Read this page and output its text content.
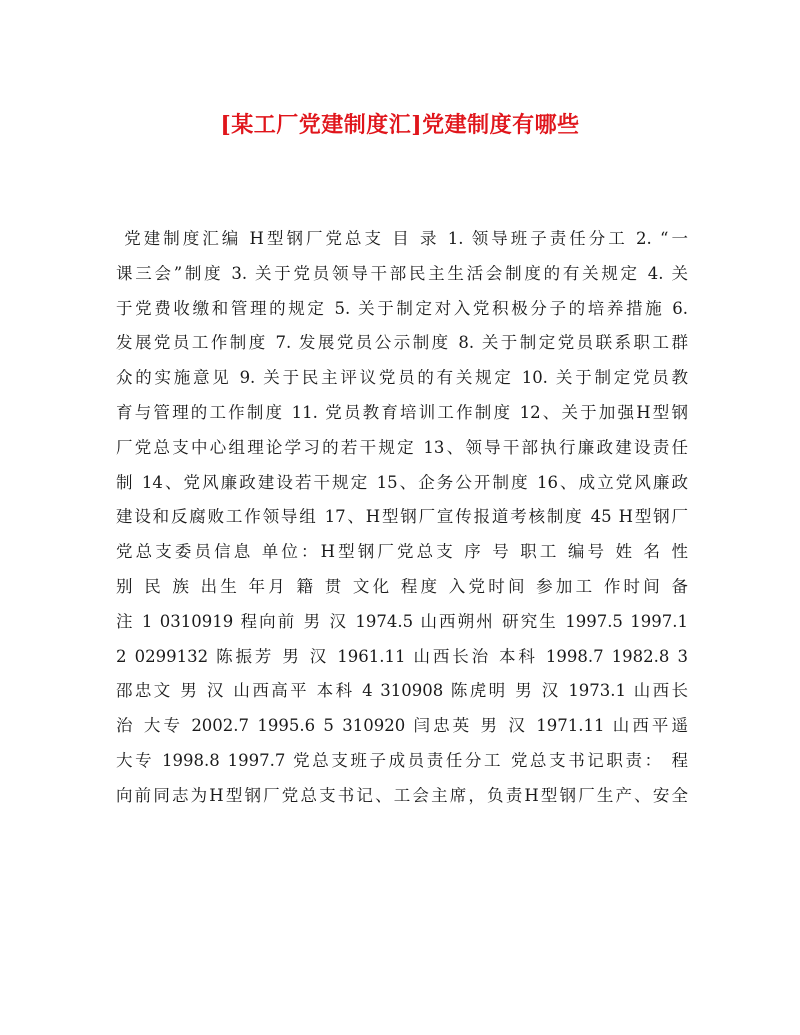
[某工厂党建制度汇]党建制度有哪些
党建制度汇编 H型钢厂党总支 目 录 1. 领导班子责任分工 2. “一
课三会”制度 3. 关于党员领导干部民主生活会制度的有关规定 4. 关
于党费收缴和管理的规定 5. 关于制定对入党积极分子的培养措施 6.
发展党员工作制度 7. 发展党员公示制度 8. 关于制定党员联系职工群
众的实施意见 9. 关于民主评议党员的有关规定 10. 关于制定党员教
育与管理的工作制度 11. 党员教育培训工作制度 12、关于加强H型钢
厂党总支中心组理论学习的若干规定 13、领导干部执行廉政建设责任
制 14、党风廉政建设若干规定 15、企务公开制度 16、成立党风廉政
建设和反腐败工作领导组 17、H型钢厂宣传报道考核制度 45 H型钢厂
党总支委员信息 单位：H型钢厂党总支 序 号 职工 编号 姓 名 性
别 民 族 出生 年月 籍 贯 文化 程度 入党时间 参加工 作时间 备
注 1 0310919 程向前 男 汉 1974.5 山西朔州 研究生 1997.5 1997.1
2 0299132 陈振芳 男 汉 1961.11 山西长治 本科 1998.7 1982.8 3
邵忠文 男 汉 山西高平 本科 4 310908 陈虎明 男 汉 1973.1 山西长
治 大专 2002.7 1995.6 5 310920 闫忠英 男 汉 1971.11 山西平遥
大专 1998.8 1997.7 党总支班子成员责任分工 党总支书记职责： 程
向前同志为H型钢厂党总支书记、工会主席，负责H型钢厂生产、安全
